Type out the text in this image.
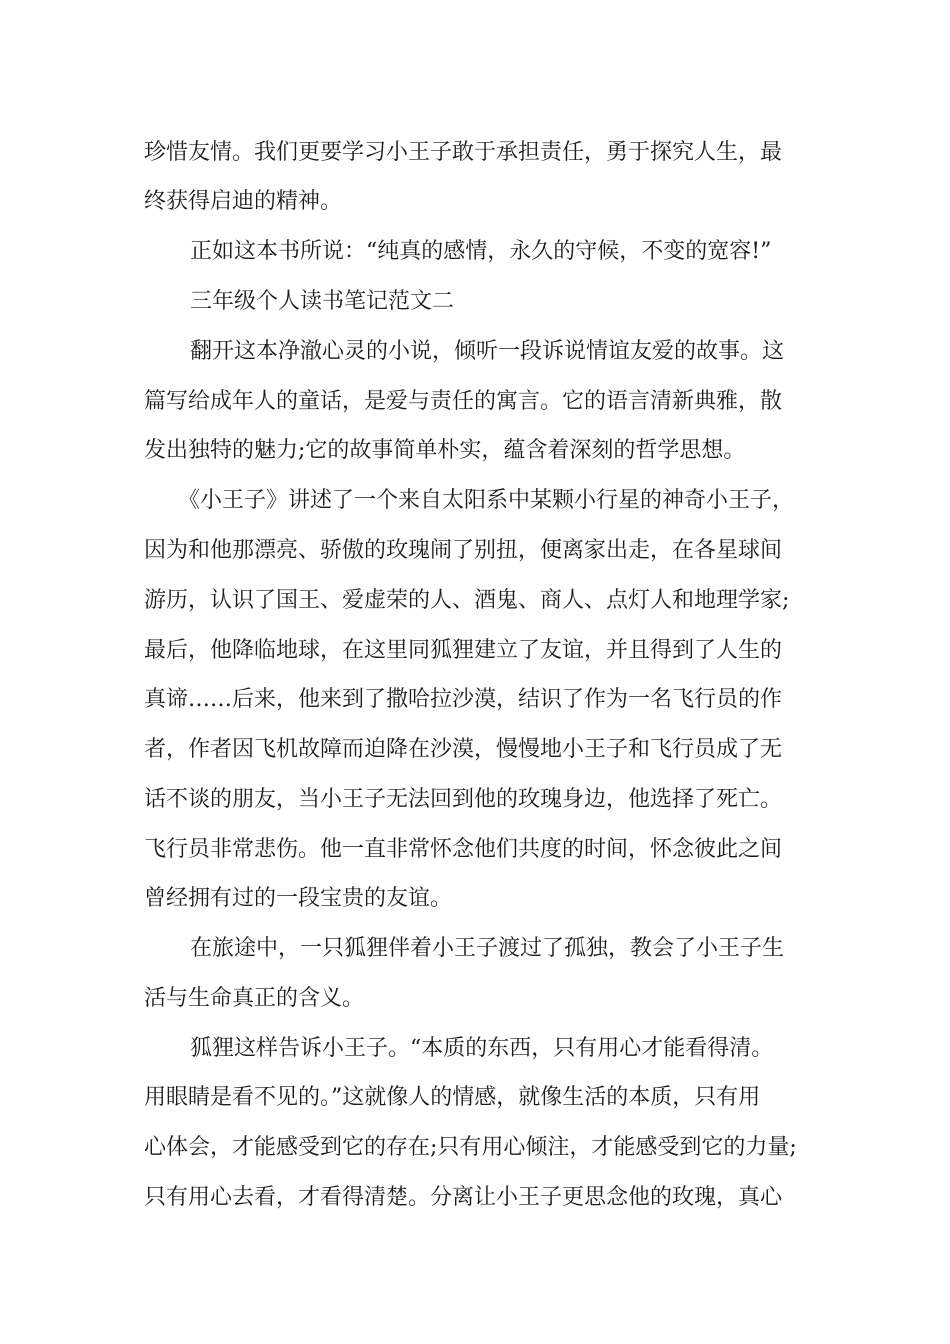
珍惜友情。我们更要学习小王子敢于承担责任，勇于探究人生，最

终获得启迪的精神。

正如这本书所说：“纯真的感情，永久的守候，不变的宽容!”

三年级个人读书笔记范文二

翻开这本净澈心灵的小说，倾听一段诉说情谊友爱的故事。这

篇写给成年人的童话，是爱与责任的寓言。它的语言清新典雅，散

发出独特的魅力;它的故事简单朴实，蕴含着深刻的哲学思想。

《小王子》讲述了一个来自太阳系中某颗小行星的神奇小王子，

因为和他那漂亮、骄傲的玫瑰闹了别扭，便离家出走，在各星球间

游历，认识了国王、爱虚荣的人、酒鬼、商人、点灯人和地理学家;

最后，他降临地球，在这里同狐狸建立了友谊，并且得到了人生的

真谛……后来，他来到了撒哈拉沙漠，结识了作为一名飞行员的作

者，作者因飞机故障而迫降在沙漠，慢慢地小王子和飞行员成了无

话不谈的朋友，当小王子无法回到他的玫瑰身边，他选择了死亡。

飞行员非常悲伤。他一直非常怀念他们共度的时间，怀念彼此之间

曾经拥有过的一段宝贵的友谊。

在旅途中，一只狐狸伴着小王子渡过了孤独，教会了小王子生

活与生命真正的含义。

狐狸这样告诉小王子。“本质的东西，只有用心才能看得清。

用眼睛是看不见的。”这就像人的情感，就像生活的本质，只有用

心体会，才能感受到它的存在;只有用心倾注，才能感受到它的力量;

只有用心去看，才看得清楚。分离让小王子更思念他的玫瑰，真心
